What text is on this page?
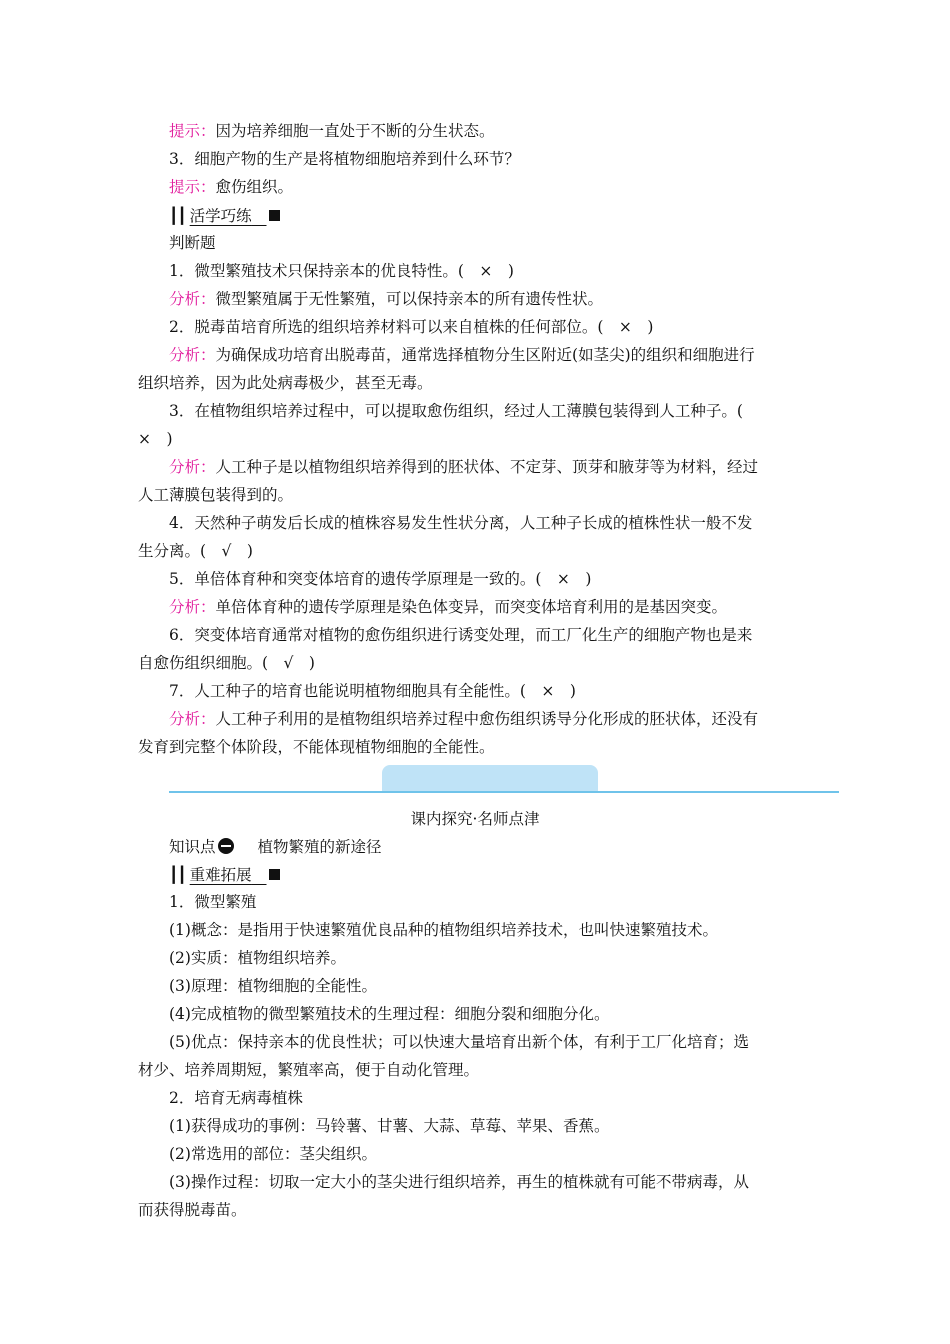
提示：因为培养细胞一直处于不断的分生状态。
3．细胞产物的生产是将植物细胞培养到什么环节？
提示：愈伤组织。
┃┃ 活学巧练
判断题
1．微型繁殖技术只保持亲本的优良特性。(　×　)
分析：微型繁殖属于无性繁殖，可以保持亲本的所有遗传性状。
2．脱毒苗培育所选的组织培养材料可以来自植株的任何部位。(　×　)
分析：为确保成功培育出脱毒苗，通常选择植物分生区附近(如茎尖)的组织和细胞进行
组织培养，因为此处病毒极少，甚至无毒。
3．在植物组织培养过程中，可以提取愈伤组织，经过人工薄膜包装得到人工种子。(
×　)
分析：人工种子是以植物组织培养得到的胚状体、不定芽、顶芽和腋芽等为材料，经过
人工薄膜包装得到的。
4．天然种子萌发后长成的植株容易发生性状分离，人工种子长成的植株性状一般不发
生分离。(　√　)
5．单倍体育种和突变体培育的遗传学原理是一致的。(　×　)
分析：单倍体育种的遗传学原理是染色体变异，而突变体培育利用的是基因突变。
6．突变体培育通常对植物的愈伤组织进行诱变处理，而工厂化生产的细胞产物也是来
自愈伤组织细胞。(　√　)
7．人工种子的培育也能说明植物细胞具有全能性。(　×　)
分析：人工种子利用的是植物组织培养过程中愈伤组织诱导分化形成的胚状体，还没有
发育到完整个体阶段，不能体现植物细胞的全能性。
课内探究·名师点津
知识点	植物繁殖的新途径
┃┃ 重难拓展
1．微型繁殖
(1)概念：是指用于快速繁殖优良品种的植物组织培养技术，也叫快速繁殖技术。
(2)实质：植物组织培养。
(3)原理：植物细胞的全能性。
(4)完成植物的微型繁殖技术的生理过程：细胞分裂和细胞分化。
(5)优点：保持亲本的优良性状；可以快速大量培育出新个体，有利于工厂化培育；选
材少、培养周期短，繁殖率高，便于自动化管理。
2．培育无病毒植株
(1)获得成功的事例：马铃薯、甘薯、大蒜、草莓、苹果、香蕉。
(2)常选用的部位：茎尖组织。
(3)操作过程：切取一定大小的茎尖进行组织培养，再生的植株就有可能不带病毒，从
而获得脱毒苗。
